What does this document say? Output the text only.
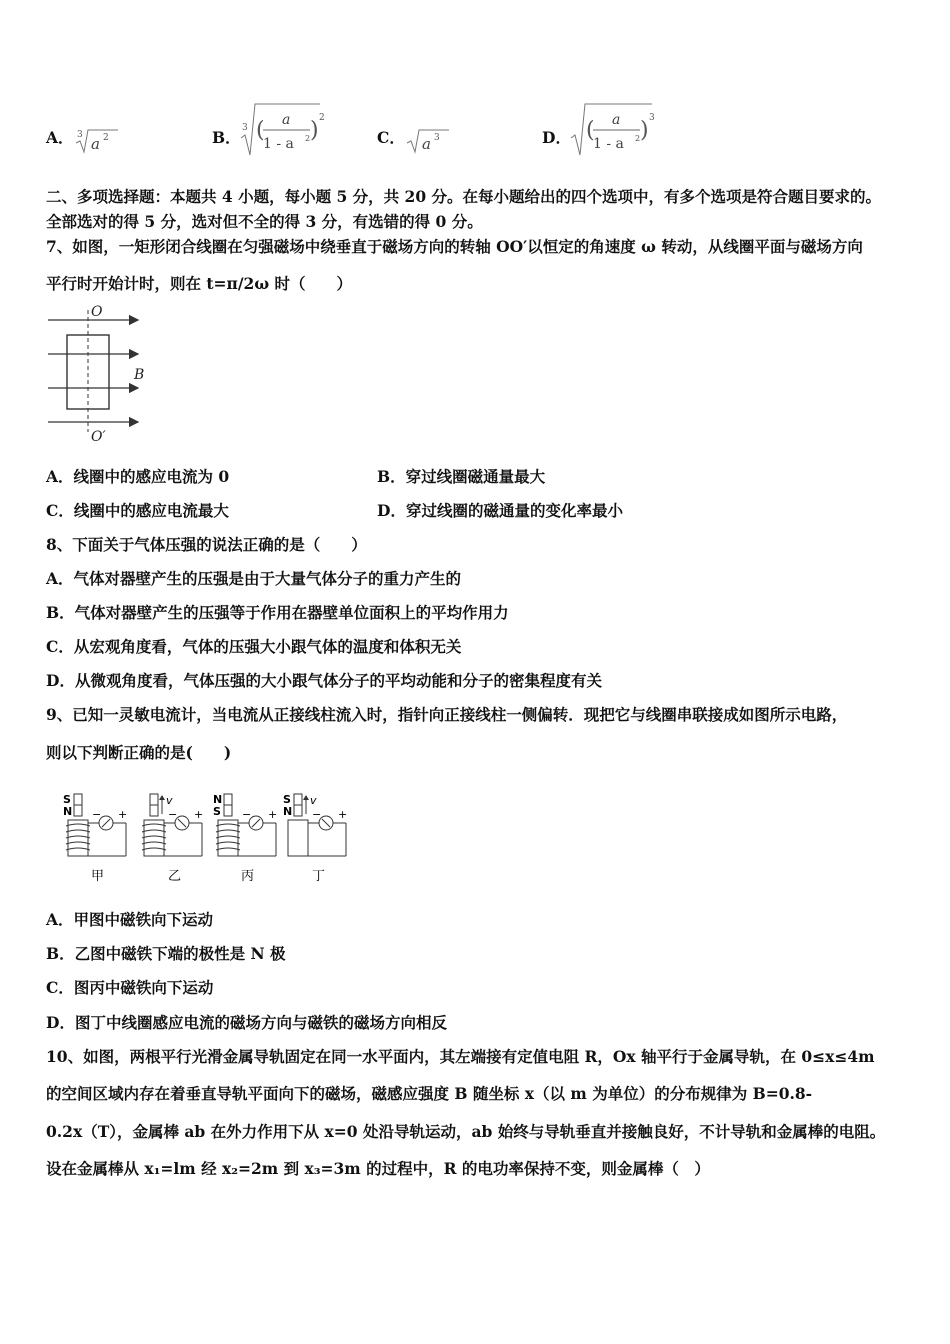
A． 3 a 2	B． 3 ( a
1 - a 2 ) 2
C． a 3	D． ( a
1 - a 2 ) 3
二、多项选择题：本题共 4 小题，每小题 5 分，共 20 分。在每小题给出的四个选项中，有多个选项是符合题目要求的。
全部选对的得 5 分，选对但不全的得 3 分，有选错的得 0 分。
7、如图，一矩形闭合线圈在匀强磁场中绕垂直于磁场方向的转轴 OO′以恒定的角速度 ω 转动，从线圈平面与磁场方向
平行时开始计时，则在 t=π/2ω 时（　　）
O
B
O′
A．线圈中的感应电流为 0	B．穿过线圈磁通量最大
C．线圈中的感应电流最大	D．穿过线圈的磁通量的变化率最小
8、下面关于气体压强的说法正确的是（　　）
A．气体对器壁产生的压强是由于大量气体分子的重力产生的
B．气体对器壁产生的压强等于作用在器壁单位面积上的平均作用力
C．从宏观角度看，气体的压强大小跟气体的温度和体积无关
D．从微观角度看，气体压强的大小跟气体分子的平均动能和分子的密集程度有关
9、已知一灵敏电流计，当电流从正接线柱流入时，指针向正接线柱一侧偏转．现把它与线圈串联接成如图所示电路，
则以下判断正确的是(　　)
S
N − +
v
− +
N
S − +
S
N
v
− +
甲	乙	丙	丁
A．甲图中磁铁向下运动
B．乙图中磁铁下端的极性是 N 极
C．图丙中磁铁向下运动
D．图丁中线圈感应电流的磁场方向与磁铁的磁场方向相反
10、如图，两根平行光滑金属导轨固定在同一水平面内，其左端接有定值电阻 R，Ox 轴平行于金属导轨，在 0≤x≤4m
的空间区域内存在着垂直导轨平面向下的磁场，磁感应强度 B 随坐标 x（以 m 为单位）的分布规律为 B=0.8-
0.2x（T），金属棒 ab 在外力作用下从 x=0 处沿导轨运动，ab 始终与导轨垂直并接触良好，不计导轨和金属棒的电阻。
设在金属棒从 x₁=lm 经 x₂=2m 到 x₃=3m 的过程中，R 的电功率保持不变，则金属棒（　）
